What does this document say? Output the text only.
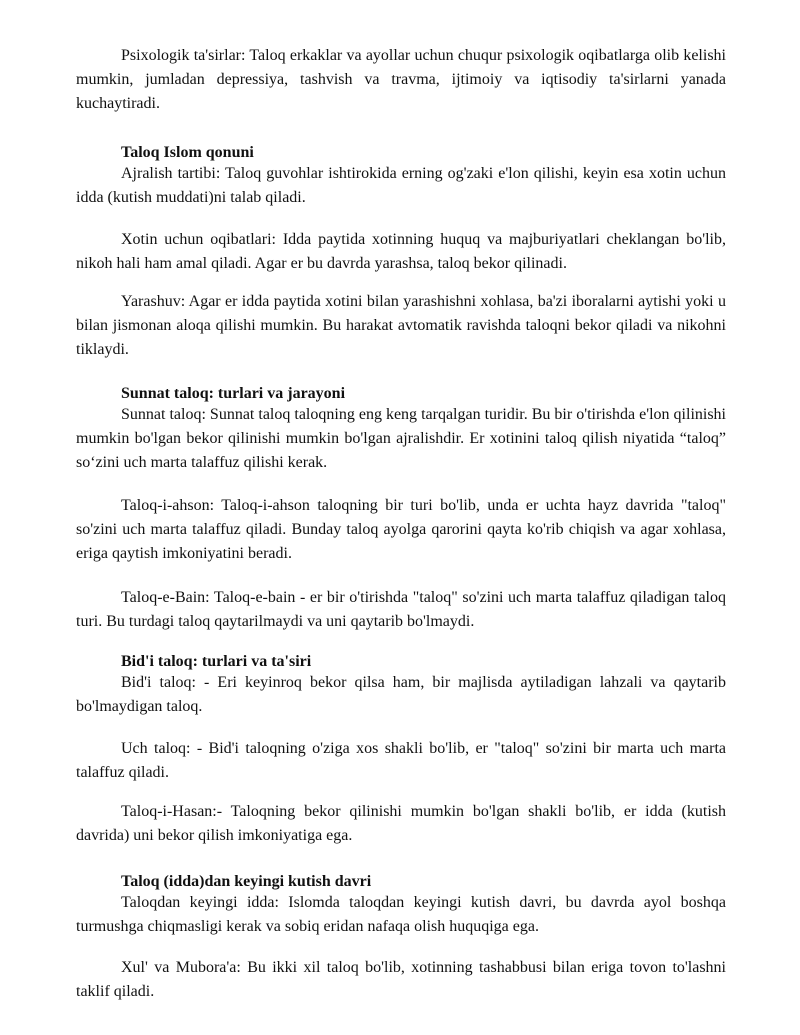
Psixologik ta'sirlar: Taloq erkaklar va ayollar uchun chuqur psixologik oqibatlarga olib kelishi mumkin, jumladan depressiya, tashvish va travma, ijtimoiy va iqtisodiy ta'sirlarni yanada kuchaytiradi.

Taloq Islom qonuni

Ajralish tartibi: Taloq guvohlar ishtirokida erning og'zaki e'lon qilishi, keyin esa xotin uchun idda (kutish muddati)ni talab qiladi.

Xotin uchun oqibatlari: Idda paytida xotinning huquq va majburiyatlari cheklangan bo'lib, nikoh hali ham amal qiladi. Agar er bu davrda yarashsa, taloq bekor qilinadi.

Yarashuv: Agar er idda paytida xotini bilan yarashishni xohlasa, ba'zi iboralarni aytishi yoki u bilan jismonan aloqa qilishi mumkin. Bu harakat avtomatik ravishda taloqni bekor qiladi va nikohni tiklaydi.

Sunnat taloq: turlari va jarayoni

Sunnat taloq: Sunnat taloq taloqning eng keng tarqalgan turidir. Bu bir o'tirishda e'lon qilinishi mumkin bo'lgan bekor qilinishi mumkin bo'lgan ajralishdir. Er xotinini taloq qilish niyatida “taloq” so‘zini uch marta talaffuz qilishi kerak.

Taloq-i-ahson: Taloq-i-ahson taloqning bir turi bo'lib, unda er uchta hayz davrida "taloq" so'zini uch marta talaffuz qiladi. Bunday taloq ayolga qarorini qayta ko'rib chiqish va agar xohlasa, eriga qaytish imkoniyatini beradi.

Taloq-e-Bain: Taloq-e-bain - er bir o'tirishda "taloq" so'zini uch marta talaffuz qiladigan taloq turi. Bu turdagi taloq qaytarilmaydi va uni qaytarib bo'lmaydi.

Bid'i taloq: turlari va ta'siri

Bid'i taloq: - Eri keyinroq bekor qilsa ham, bir majlisda aytiladigan lahzali va qaytarib bo'lmaydigan taloq.

Uch taloq: - Bid'i taloqning o'ziga xos shakli bo'lib, er "taloq" so'zini bir marta uch marta talaffuz qiladi.

Taloq-i-Hasan:- Taloqning bekor qilinishi mumkin bo'lgan shakli bo'lib, er idda (kutish davrida) uni bekor qilish imkoniyatiga ega.

Taloq (idda)dan keyingi kutish davri

Taloqdan keyingi idda: Islomda taloqdan keyingi kutish davri, bu davrda ayol boshqa turmushga chiqmasligi kerak va sobiq eridan nafaqa olish huquqiga ega.

Xul' va Mubora'a: Bu ikki xil taloq bo'lib, xotinning tashabbusi bilan eriga tovon to'lashni taklif qiladi.
